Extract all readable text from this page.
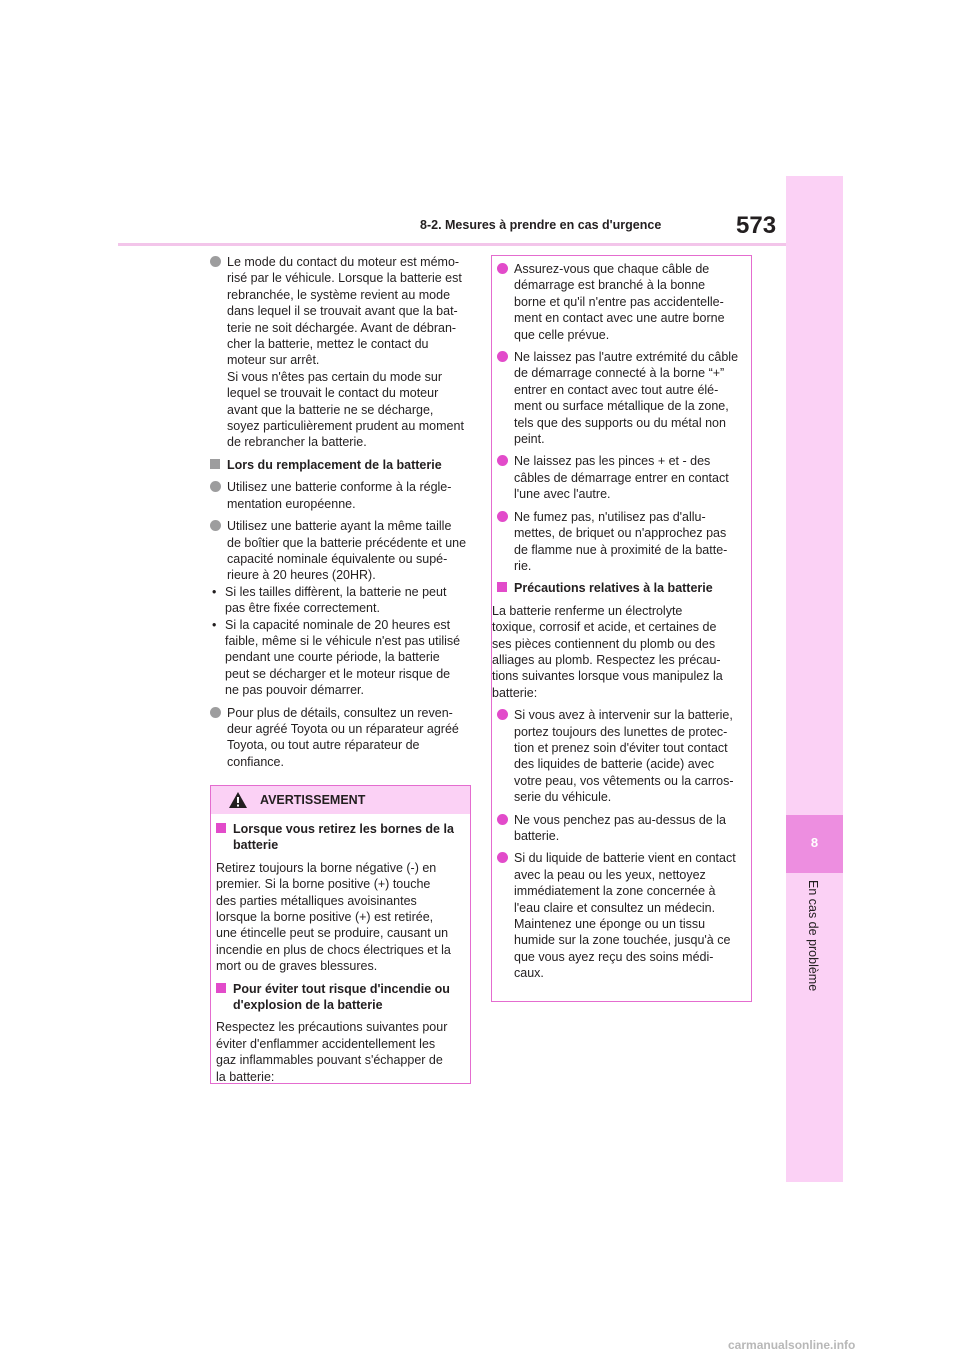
8-2. Mesures à prendre en cas d'urgence	573
8
En cas de problème
Le mode du contact du moteur est mémo-
risé par le véhicule. Lorsque la batterie est
rebranchée, le système revient au mode
dans lequel il se trouvait avant que la bat-
terie ne soit déchargée. Avant de débran-
cher la batterie, mettez le contact du
moteur sur arrêt.
Si vous n'êtes pas certain du mode sur
lequel se trouvait le contact du moteur
avant que la batterie ne se décharge,
soyez particulièrement prudent au moment
de rebrancher la batterie.
Lors du remplacement de la batterie
Utilisez une batterie conforme à la régle-
mentation européenne.
Utilisez une batterie ayant la même taille
de boîtier que la batterie précédente et une
capacité nominale équivalente ou supé-
rieure à 20 heures (20HR).
• Si les tailles diffèrent, la batterie ne peut
pas être fixée correctement.
• Si la capacité nominale de 20 heures est
faible, même si le véhicule n'est pas utilisé
pendant une courte période, la batterie
peut se décharger et le moteur risque de
ne pas pouvoir démarrer.
Pour plus de détails, consultez un reven-
deur agréé Toyota ou un réparateur agréé
Toyota, ou tout autre réparateur de
confiance.
AVERTISSEMENT
Lorsque vous retirez les bornes de la
batterie

Retirez toujours la borne négative (-) en
premier. Si la borne positive (+) touche
des parties métalliques avoisinantes
lorsque la borne positive (+) est retirée,
une étincelle peut se produire, causant un
incendie en plus de chocs électriques et la
mort ou de graves blessures.

Pour éviter tout risque d'incendie ou
d'explosion de la batterie

Respectez les précautions suivantes pour
éviter d'enflammer accidentellement les
gaz inflammables pouvant s'échapper de
la batterie:

Assurez-vous que chaque câble de
démarrage est branché à la bonne
borne et qu'il n'entre pas accidentelle-
ment en contact avec une autre borne
que celle prévue.
Ne laissez pas l'autre extrémité du câble
de démarrage connecté à la borne “+”
entrer en contact avec tout autre élé-
ment ou surface métallique de la zone,
tels que des supports ou du métal non
peint.
Ne laissez pas les pinces + et - des
câbles de démarrage entrer en contact
l'une avec l'autre.
Ne fumez pas, n'utilisez pas d'allu-
mettes, de briquet ou n'approchez pas
de flamme nue à proximité de la batte-
rie.
Précautions relatives à la batterie

La batterie renferme un électrolyte
toxique, corrosif et acide, et certaines de
ses pièces contiennent du plomb ou des
alliages au plomb. Respectez les précau-
tions suivantes lorsque vous manipulez la
batterie:

Si vous avez à intervenir sur la batterie,
portez toujours des lunettes de protec-
tion et prenez soin d'éviter tout contact
des liquides de batterie (acide) avec
votre peau, vos vêtements ou la carros-
serie du véhicule.
Ne vous penchez pas au-dessus de la
batterie.
Si du liquide de batterie vient en contact
avec la peau ou les yeux, nettoyez
immédiatement la zone concernée à
l'eau claire et consultez un médecin.
Maintenez une éponge ou un tissu
humide sur la zone touchée, jusqu'à ce
que vous ayez reçu des soins médi-
caux.
carmanualsonline.info
